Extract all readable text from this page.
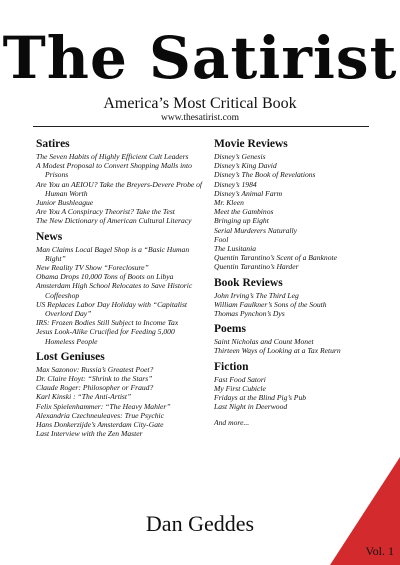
The Satirist
America’s Most Critical Book
www.thesatirist.com
Satires
The Seven Habits of Highly Efficient Cult Leaders
A Modest Proposal to Convert Shopping Malls into Prisons
Are You an AEIOU? Take the Breyers-Devere Probe of Human Worth
Junior Bushleague
Are You A Conspiracy Theorist? Take the Test
The New Dictionary of American Cultural Literacy
News
Man Claims Local Bagel Shop is a “Basic Human Right”
New Reality TV Show “Foreclosure”
Obama Drops 10,000 Tons of Boots on Libya
Amsterdam High School Relocates to Save Historic Coffeeshop
US Replaces Labor Day Holiday with “Capitalist Overlord Day”
IRS: Frozen Bodies Still Subject to Income Tax
Jesus Look-Alike Crucified for Feeding 5,000 Homeless People
Lost Geniuses
Max Sazonov: Russia’s Greatest Poet?
Dr. Claire Hoyt: “Shrink to the Stars”
Claude Roger: Philosopher or Fraud?
Karl Kinski : “The Anti-Artist”
Felix Spielenhammer: “The Heavy Mahler”
Alexandria Czechneuleaves: True Psychic
Hans Donkerzijde’s Amsterdam City-Gate
Last Interview with the Zen Master
Movie Reviews
Disney’s Genesis
Disney’s King David
Disney’s The Book of Revelations
Disney’s 1984
Disney’s Animal Farm
Mr. Kleen
Meet the Gambinos
Bringing up Eight
Serial Murderers Naturally
Fool
The Lusitania
Quentin Tarantino’s Scent of a Banknote
Quentin Tarantino’s Harder
Book Reviews
John Irving’s The Third Leg
William Faulkner’s Sons of the South
Thomas Pynchon’s Dys
Poems
Saint Nicholas and Count Monet
Thirteen Ways of Looking at a Tax Return
Fiction
Fast Food Satori
My First Cubicle
Fridays at the Blind Pig’s Pub
Last Night in Deerwood
And more...
Dan Geddes
Vol. 1
